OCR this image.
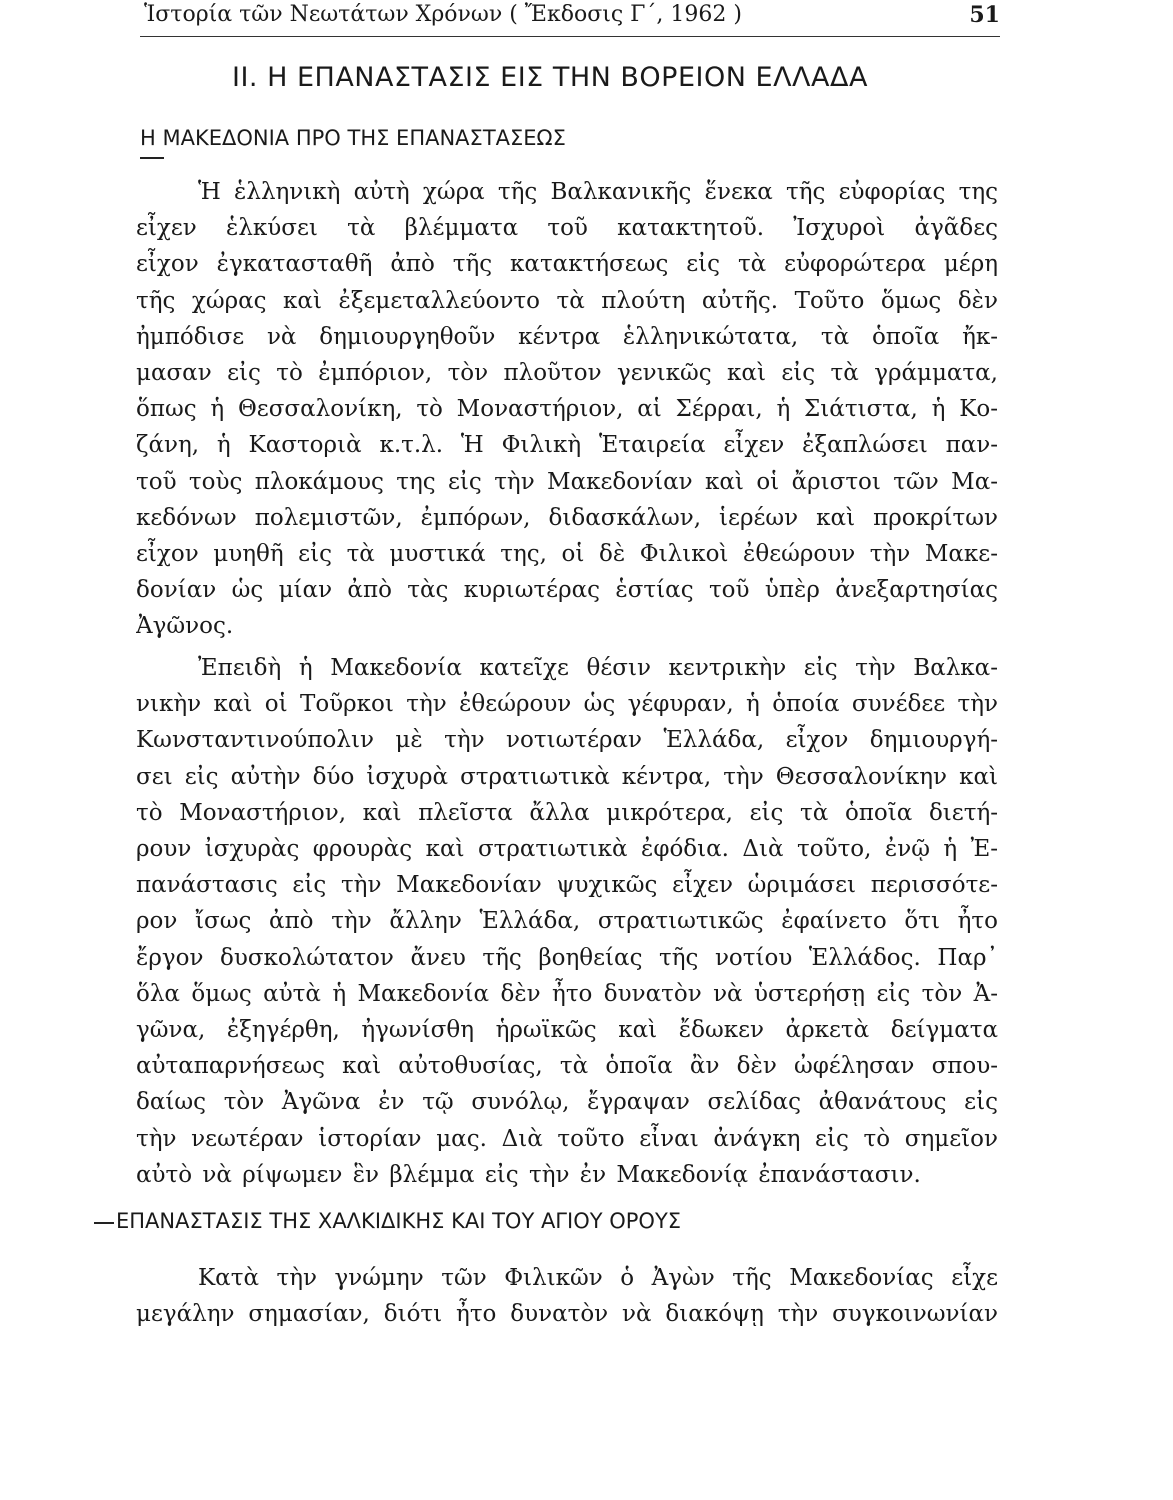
Ἱστορία τῶν Νεωτάτων Χρόνων ( Ἔκδοσις Γ΄, 1962 )	51
ΙΙ. Η ΕΠΑΝΑΣΤΑΣΙΣ ΕΙΣ ΤΗΝ ΒΟΡΕΙΟΝ ΕΛΛΑΔΑ
Η ΜΑΚΕΔΟΝΙΑ ΠΡΟ ΤΗΣ ΕΠΑΝΑΣΤΑΣΕΩΣ
Ἡ ἑλληνικὴ αὐτὴ χώρα τῆς Βαλκανικῆς ἕνεκα τῆς εὐφορίας της
εἶχεν ἑλκύσει τὰ βλέμματα τοῦ κατακτητοῦ. Ἰσχυροὶ ἀγᾶδες
εἶχον ἐγκατασταθῆ ἀπὸ τῆς κατακτήσεως εἰς τὰ εὐφορώτερα μέρη
τῆς χώρας καὶ ἐξεμεταλλεύοντο τὰ πλούτη αὐτῆς. Τοῦτο ὅμως δὲν
ἠμπόδισε νὰ δημιουργηθοῦν κέντρα ἑλληνικώτατα, τὰ ὁποῖα ἤκ-
μασαν εἰς τὸ ἐμπόριον, τὸν πλοῦτον γενικῶς καὶ εἰς τὰ γράμματα,
ὅπως ἡ Θεσσαλονίκη, τὸ Μοναστήριον, αἱ Σέρραι, ἡ Σιάτιστα, ἡ Κο-
ζάνη, ἡ Καστοριὰ κ.τ.λ. Ἡ Φιλικὴ Ἑταιρεία εἶχεν ἐξαπλώσει παν-
τοῦ τοὺς πλοκάμους της εἰς τὴν Μακεδονίαν καὶ οἱ ἄριστοι τῶν Μα-
κεδόνων πολεμιστῶν, ἐμπόρων, διδασκάλων, ἱερέων καὶ προκρίτων
εἶχον μυηθῆ εἰς τὰ μυστικά της, οἱ δὲ Φιλικοὶ ἐθεώρουν τὴν Μακε-
δονίαν ὡς μίαν ἀπὸ τὰς κυριωτέρας ἑστίας τοῦ ὑπὲρ ἀνεξαρτησίας
Ἀγῶνος.
Ἐπειδὴ ἡ Μακεδονία κατεῖχε θέσιν κεντρικὴν εἰς τὴν Βαλκα-
νικὴν καὶ οἱ Τοῦρκοι τὴν ἐθεώρουν ὡς γέφυραν, ἡ ὁποία συνέδεε τὴν
Κωνσταντινούπολιν μὲ τὴν νοτιωτέραν Ἑλλάδα, εἶχον δημιουργή-
σει εἰς αὐτὴν δύο ἰσχυρὰ στρατιωτικὰ κέντρα, τὴν Θεσσαλονίκην καὶ
τὸ Μοναστήριον, καὶ πλεῖστα ἄλλα μικρότερα, εἰς τὰ ὁποῖα διετή-
ρουν ἰσχυρὰς φρουρὰς καὶ στρατιωτικὰ ἐφόδια. Διὰ τοῦτο, ἐνῷ ἡ Ἐ-
πανάστασις εἰς τὴν Μακεδονίαν ψυχικῶς εἶχεν ὡριμάσει περισσότε-
ρον ἴσως ἀπὸ τὴν ἄλλην Ἑλλάδα, στρατιωτικῶς ἐφαίνετο ὅτι ἦτο
ἔργον δυσκολώτατον ἄνευ τῆς βοηθείας τῆς νοτίου Ἑλλάδος. Παρ᾽
ὅλα ὅμως αὐτὰ ἡ Μακεδονία δὲν ἦτο δυνατὸν νὰ ὑστερήσῃ εἰς τὸν Ἀ-
γῶνα, ἐξηγέρθη, ἠγωνίσθη ἡρωϊκῶς καὶ ἔδωκεν ἀρκετὰ δείγματα
αὐταπαρνήσεως καὶ αὐτοθυσίας, τὰ ὁποῖα ἂν δὲν ὠφέλησαν σπου-
δαίως τὸν Ἀγῶνα ἐν τῷ συνόλῳ, ἔγραψαν σελίδας ἀθανάτους εἰς
τὴν νεωτέραν ἱστορίαν μας. Διὰ τοῦτο εἶναι ἀνάγκη εἰς τὸ σημεῖον
αὐτὸ νὰ ρίψωμεν ἓν βλέμμα εἰς τὴν ἐν Μακεδονίᾳ ἐπανάστασιν.
ΕΠΑΝΑΣΤΑΣΙΣ ΤΗΣ ΧΑΛΚΙΔΙΚΗΣ ΚΑΙ ΤΟΥ ΑΓΙΟΥ ΟΡΟΥΣ
Κατὰ τὴν γνώμην τῶν Φιλικῶν ὁ Ἀγὼν τῆς Μακεδονίας εἶχε
μεγάλην σημασίαν, διότι ἦτο δυνατὸν νὰ διακόψῃ τὴν συγκοινωνίαν
